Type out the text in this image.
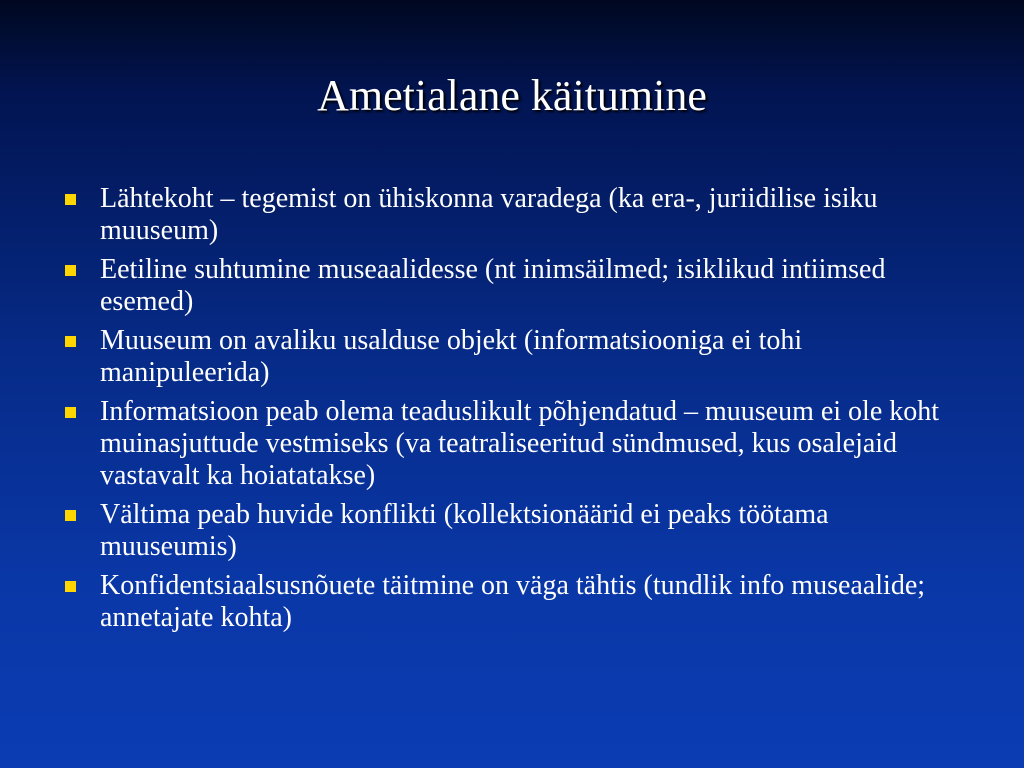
Ametialane käitumine
Lähtekoht – tegemist on ühiskonna varadega (ka era-, juriidilise isiku muuseum)
Eetiline suhtumine museaalidesse (nt inimsäilmed; isiklikud intiimsed esemed)
Muuseum on avaliku usalduse objekt (informatsiooniga ei tohi manipuleerida)
Informatsioon peab olema teaduslikult põhjendatud – muuseum ei ole koht muinasjuttude vestmiseks (va teatraliseeritud sündmused, kus osalejaid vastavalt ka hoiatatakse)
Vältima peab huvide konflikti (kollektsionäärid ei peaks töötama muuseumis)
Konfidentsiaalsusnõuete täitmine on väga tähtis (tundlik info museaalide; annetajate kohta)
